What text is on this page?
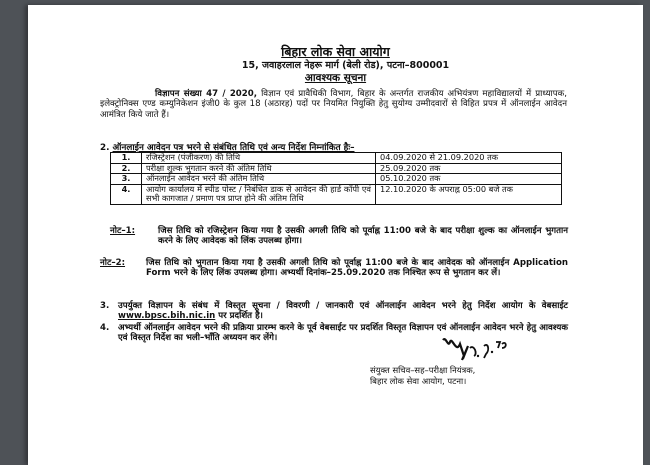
बिहार लोक सेवा आयोग
15, जवाहरलाल नेहरू मार्ग (बेली रोड), पटना–800001
आवश्यक सूचना
विज्ञापन संख्या 47 / 2020, विज्ञान एवं प्रावैधिकी विभाग, बिहार के अन्तर्गत राजकीय अभियंत्रण महाविद्यालयों में प्राध्यापक, इलेक्ट्रोनिक्स एण्ड कम्युनिकेशन इंजी0 के कुल 18 (अठारह) पदों पर नियमित नियुक्ति हेतु सुयोग्य उम्मीदवारों से विहित प्रपत्र में ऑनलाईन आवेदन आमंत्रित किये जाते हैं।
2. ऑनलाईन आवेदन पत्र भरने से संबंधित तिथि एवं अन्य निर्देश निम्नांकित हैः–
1.	रजिस्ट्रेशन (पंजीकरण) की तिथि	04.09.2020 से 21.09.2020 तक
2.	परीक्षा शुल्क भुगतान करने की अंतिम तिथि	25.09.2020 तक
3.	ऑनलाईन आवेदन भरने की अंतिम तिथि	05.10.2020 तक
4.	आयोग कार्यालय में स्पीड पोस्ट / निबंधित डाक से आवेदन की हार्ड कॉपी एवं सभी कागजात / प्रमाण पत्र प्राप्त होने की अंतिम तिथि	12.10.2020 के अपराह्न 05:00 बजे तक
नोट–1:	जिस तिथि को रजिस्ट्रेशन किया गया है उसकी अगली तिथि को पूर्वाह्न 11:00 बजे के बाद परीक्षा शुल्क का ऑनलाईन भुगतान करने के लिए आवेदक को लिंक उपलब्ध होगा।
नोट–2: जिस तिथि को भुगतान किया गया है उसकी अगली तिथि को पूर्वाह्न 11:00 बजे के बाद आवेदक को ऑनलाईन Application Form भरने के लिए लिंक उपलब्ध होगा। अभ्यर्थी दिनांक–25.09.2020 तक निश्चित रूप से भुगतान कर लें।
3. उपर्युक्त विज्ञापन के संबंध में विस्तृत सूचना / विवरणी / जानकारी एवं ऑनलाईन आवेदन भरने हेतु निर्देश आयोग के वेबसाईट www.bpsc.bih.nic.in पर प्रदर्शित है।
4. अभ्यर्थी ऑनलाईन आवेदन भरने की प्रक्रिया प्रारम्भ करने के पूर्व वेबसाईट पर प्रदर्शित विस्तृत विज्ञापन एवं ऑनलाईन आवेदन भरने हेतु आवश्यक एवं विस्तृत निर्देश का भली–भाँति अध्ययन कर लेंगे।
संयुक्त सचिव–सह–परीक्षा नियंत्रक,
बिहार लोक सेवा आयोग, पटना।
